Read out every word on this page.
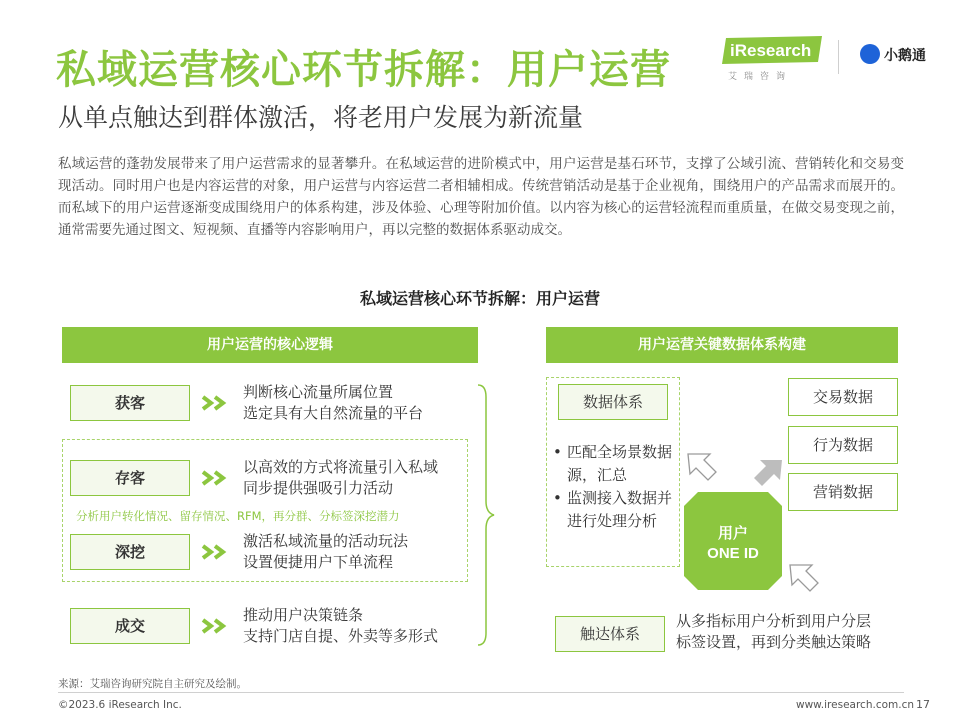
私域运营核心环节拆解：用户运营
从单点触达到群体激活，将老用户发展为新流量
iResearch
艾瑞咨询
小鹅通
私域运营的蓬勃发展带来了用户运营需求的显著攀升。在私域运营的进阶模式中，用户运营是基石环节，支撑了公域引流、营销转化和交易变现活动。同时用户也是内容运营的对象，用户运营与内容运营二者相辅相成。传统营销活动是基于企业视角，围绕用户的产品需求而展开的。而私域下的用户运营逐渐变成围绕用户的体系构建，涉及体验、心理等附加价值。以内容为核心的运营轻流程而重质量，在做交易变现之前，通常需要先通过图文、短视频、直播等内容影响用户，再以完整的数据体系驱动成交。
私域运营核心环节拆解：用户运营
用户运营的核心逻辑
获客
判断核心流量所属位置
选定具有大自然流量的平台
存客
以高效的方式将流量引入私域
同步提供强吸引力活动
分析用户转化情况、留存情况、RFM，再分群、分标签深挖潜力
深挖
激活私域流量的活动玩法
设置便捷用户下单流程
成交
推动用户决策链条
支持门店自提、外卖等多形式
用户运营关键数据体系构建
数据体系
• 匹配全场景数据源，汇总
• 监测接入数据并进行处理分析
交易数据
行为数据
营销数据
用户
ONE ID
触达体系
从多指标用户分析到用户分层
标签设置，再到分类触达策略
来源：艾瑞咨询研究院自主研究及绘制。
©2023.6 iResearch Inc.	www.iresearch.com.cn 17
